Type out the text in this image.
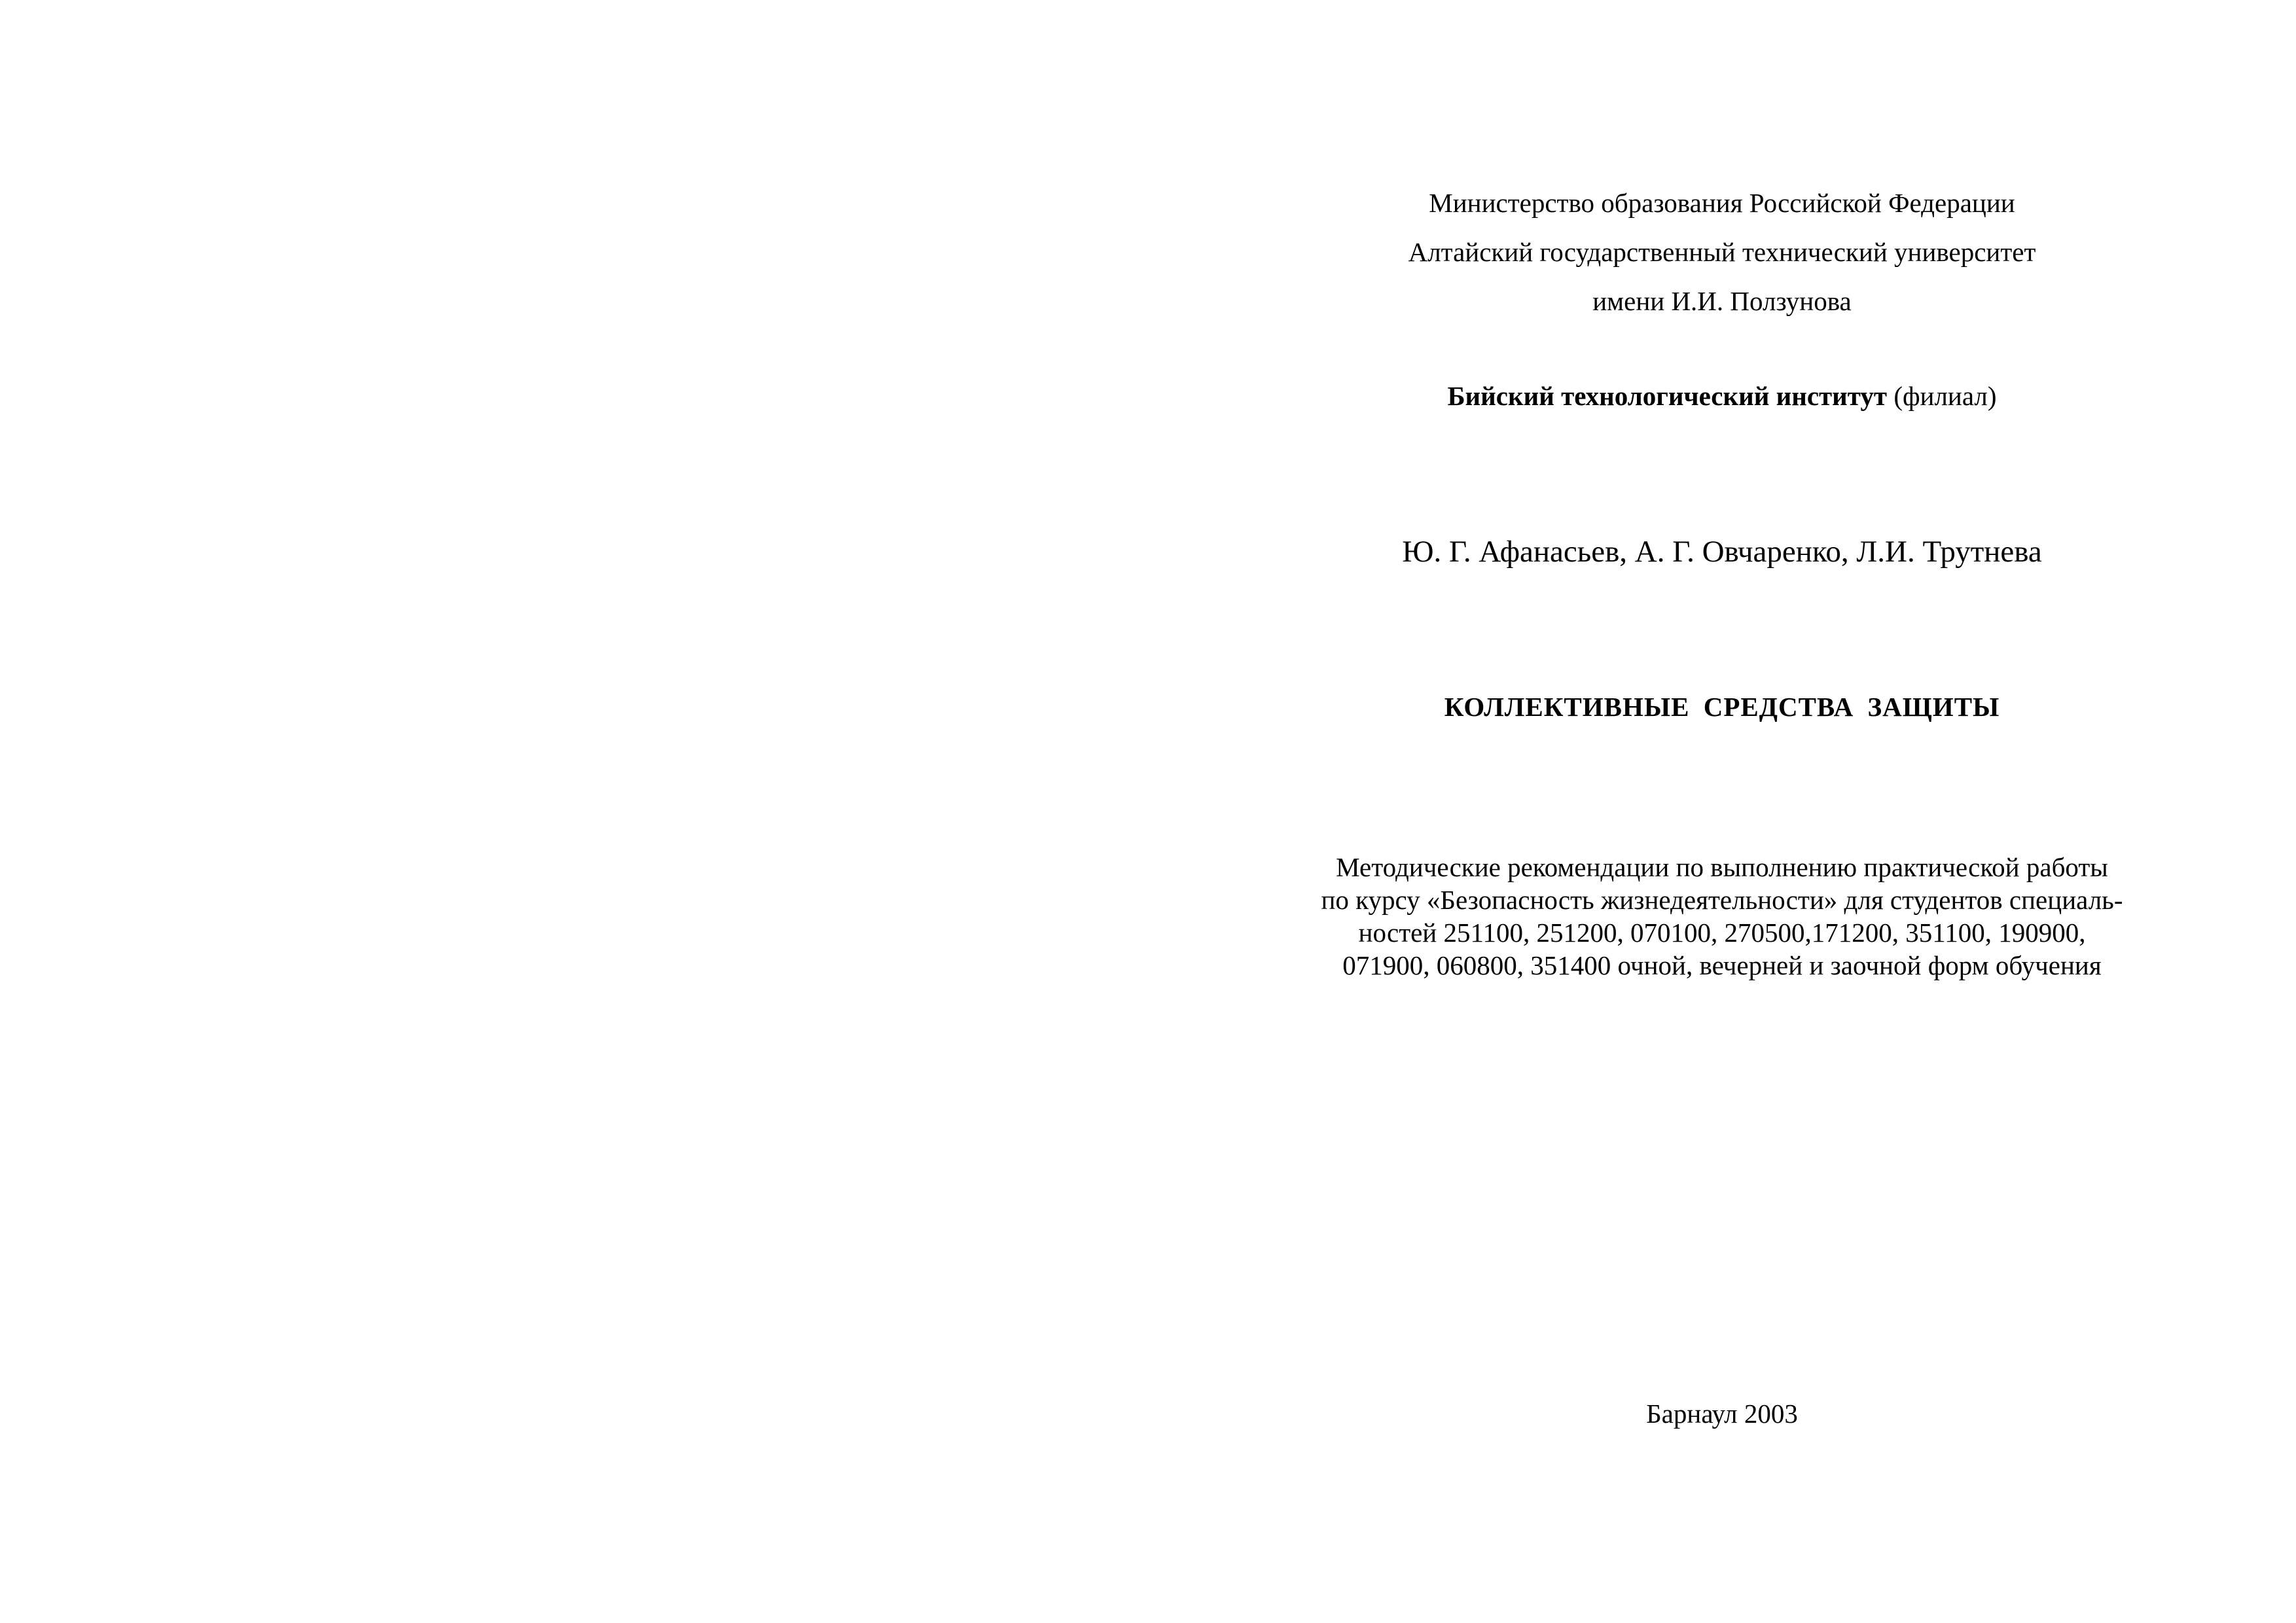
Министерство образования Российской Федерации
Алтайский государственный технический университет
имени И.И. Ползунова
Бийский технологический институт (филиал)
Ю. Г. Афанасьев, А. Г. Овчаренко, Л.И. Трутнева
КОЛЛЕКТИВНЫЕ СРЕДСТВА ЗАЩИТЫ
Методические рекомендации по выполнению практической работы
по курсу «Безопасность жизнедеятельности» для студентов специаль-
ностей 251100, 251200, 070100, 270500,171200, 351100, 190900,
071900, 060800, 351400 очной, вечерней и заочной форм обучения
Барнаул 2003
